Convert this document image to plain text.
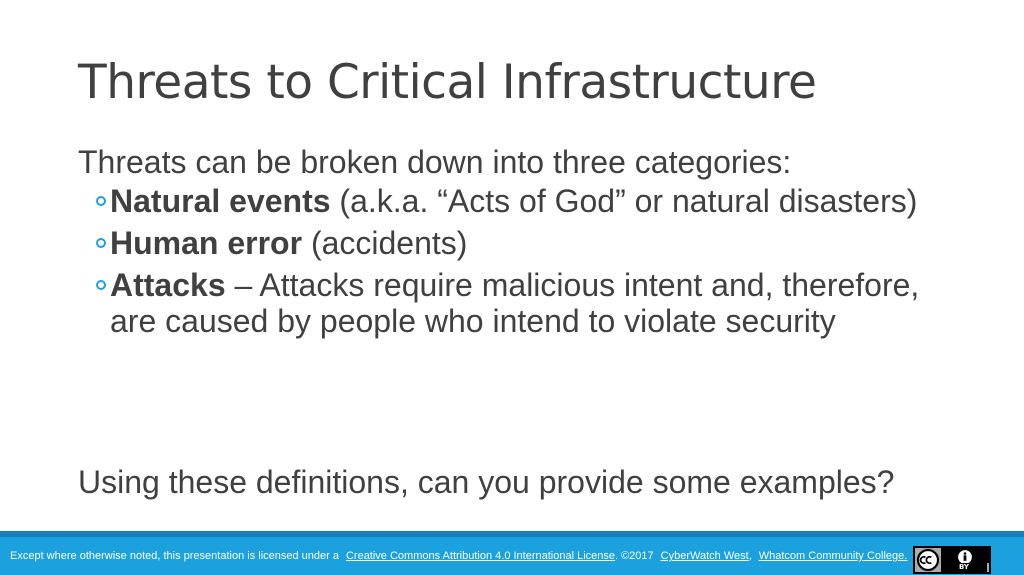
Threats to Critical Infrastructure

Threats can be broken down into three categories:

Natural events (a.k.a. “Acts of God” or natural disasters)
Human error (accidents)
Attacks – Attacks require malicious intent and, therefore, are caused by people who intend to violate security

Using these definitions, can you provide some examples?

Except where otherwise noted, this presentation is licensed under a Creative Commons Attribution 4.0 International License . ©2017 CyberWatch West , Whatcom Community College.
BY
